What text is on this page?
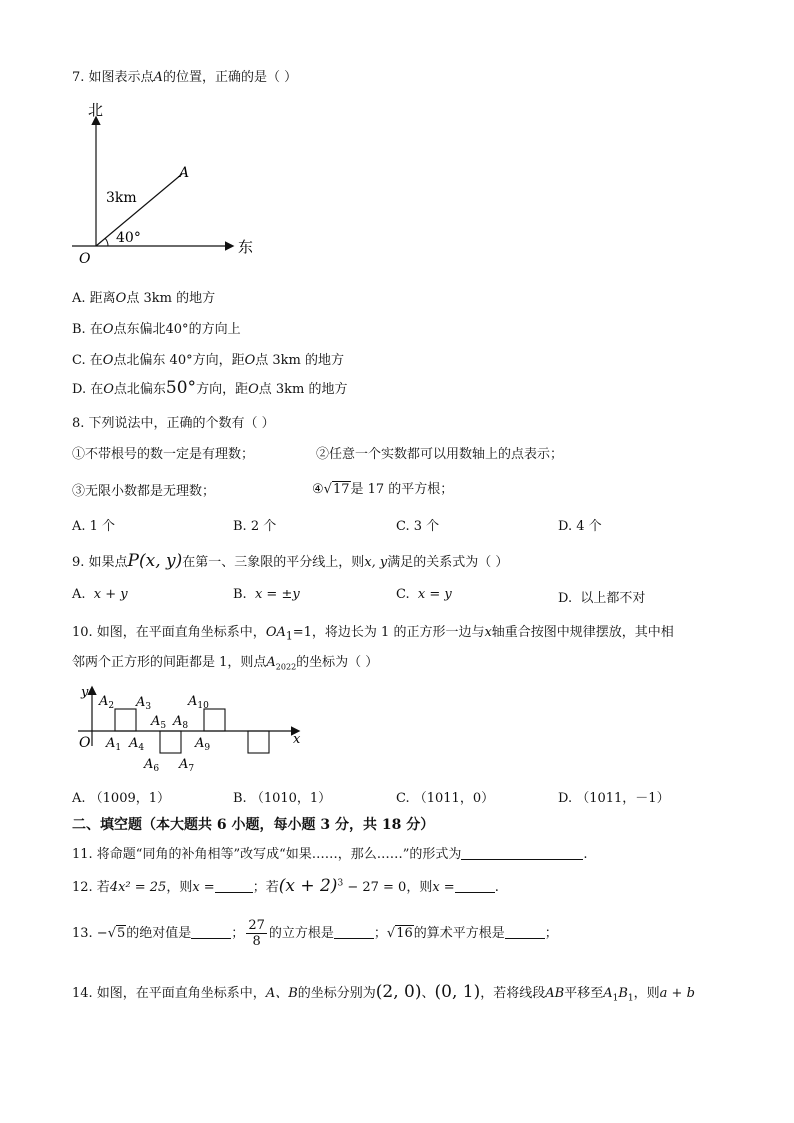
7. 如图表示点A的位置，正确的是（ ）
北
东
O
A
3km
40°
A. 距离O点 3km 的地方
B. 在O点东偏北40°的方向上
C. 在O点北偏东 40°方向，距O点 3km 的地方
D. 在O点北偏东50°方向，距O点 3km 的地方
8. 下列说法中，正确的个数有（ ）
①不带根号的数一定是有理数；	②任意一个实数都可以用数轴上的点表示；
③无限小数都是无理数；	④√17是 17 的平方根；
A. 1 个	B. 2 个	C. 3 个	D. 4 个
9. 如果点P(x, y)在第一、三象限的平分线上，则x, y满足的关系式为（ ）
A. x + y	B. x = ±y	C. x = y	D. 以上都不对
10. 如图，在平面直角坐标系中，$OA_1=1$，将边长为 1 的正方形一边与x轴重合按图中规律摆放，其中相
邻两个正方形的间距都是 1，则点$A_{2022}$的坐标为（ ）
y
x
O
$A_2$ $A_3$	$A_{10}$
$A_5$ $A_8$
$A_1$ $A_4$	$A_9$
$A_6$ $A_7$
A. （1009，1）	B. （1010，1）	C. （1011，0）	D. （1011，－1）
二、填空题（本大题共 6 小题，每小题 3 分，共 18 分）
11. 将命题“同角的补角相等”改写成“如果……，那么……”的形式为	.
12. 若4x² = 25，则x =	；若$(x + 2)^3 - 27 = 0$，则x =	.
13. −√5的绝对值是	； $\frac{27}{8}$ 的立方根是	；√16的算术平方根是	；
14. 如图，在平面直角坐标系中，A、B的坐标分别为(2, 0)、(0, 1)，若将线段AB平移至$A_1B_1$，则a + b
